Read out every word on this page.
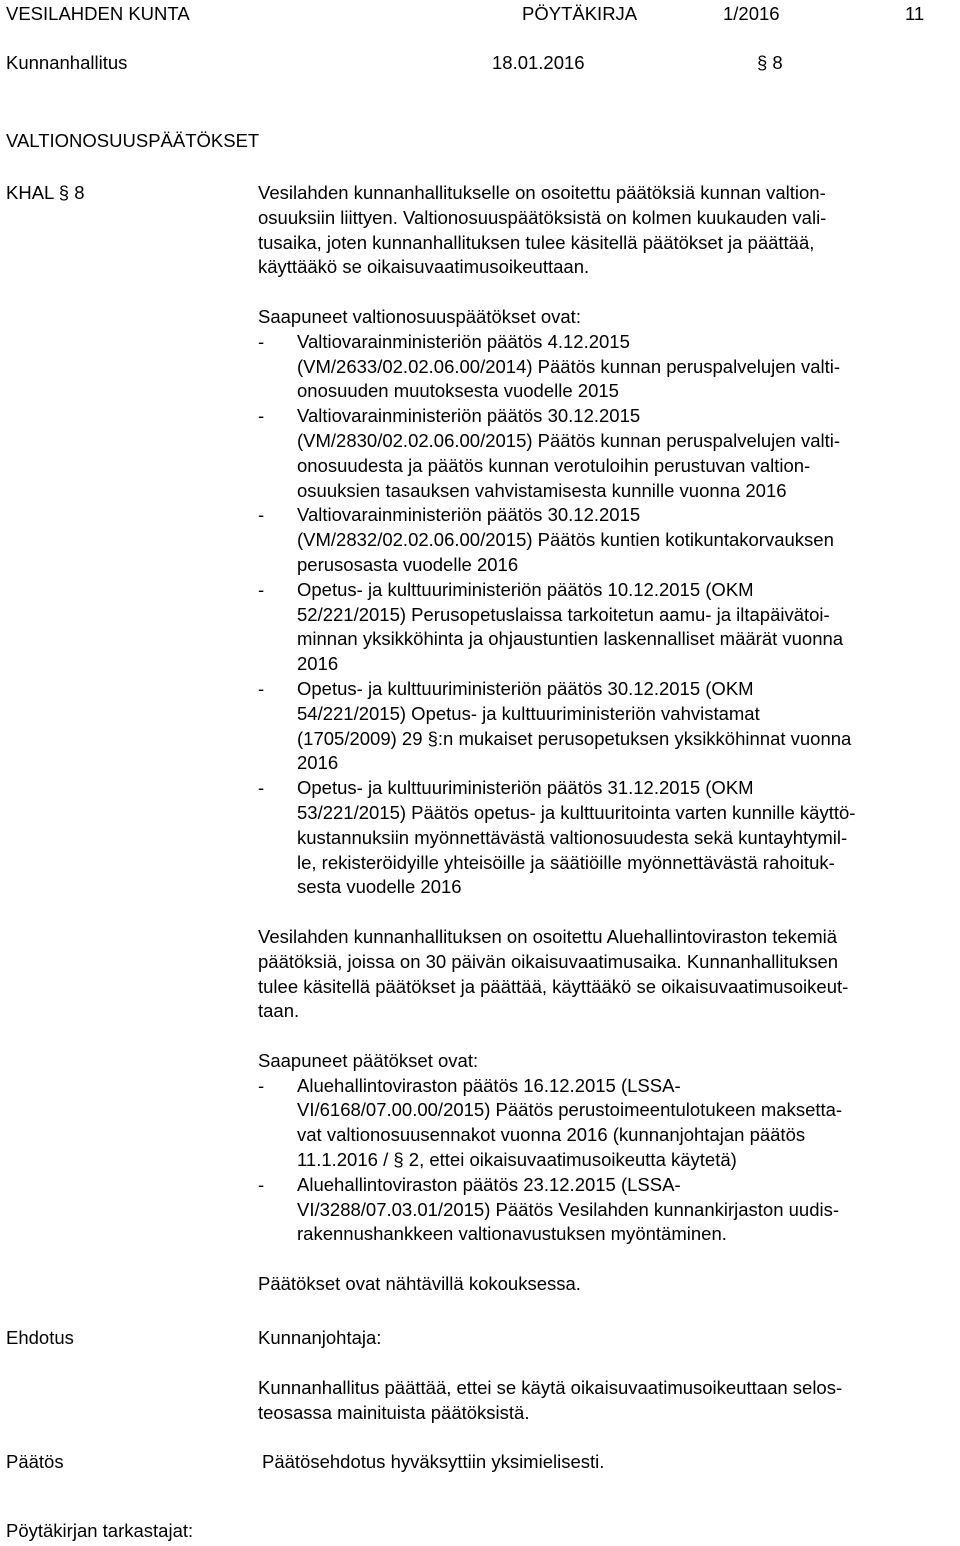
VESILAHDEN KUNTA	PÖYTÄKIRJA	1/2016	11
Kunnanhallitus	18.01.2016	§ 8
VALTIONOSUUSPÄÄTÖKSET
KHAL § 8	Vesilahden kunnanhallitukselle on osoitettu päätöksiä kunnan valtion-
osuuksiin liittyen. Valtionosuuspäätöksistä on kolmen kuukauden vali-
tusaika, joten kunnanhallituksen tulee käsitellä päätökset ja päättää,
käyttääkö se oikaisuvaatimusoikeuttaan.
Saapuneet valtionosuuspäätökset ovat:
-	Valtiovarainministeriön päätös 4.12.2015
(VM/2633/02.02.06.00/2014) Päätös kunnan peruspalvelujen valti-
onosuuden muutoksesta vuodelle 2015
-	Valtiovarainministeriön päätös 30.12.2015
(VM/2830/02.02.06.00/2015) Päätös kunnan peruspalvelujen valti-
onosuudesta ja päätös kunnan verotuloihin perustuvan valtion-
osuuksien tasauksen vahvistamisesta kunnille vuonna 2016
-	Valtiovarainministeriön päätös 30.12.2015
(VM/2832/02.02.06.00/2015) Päätös kuntien kotikuntakorvauksen
perusosasta vuodelle 2016
-	Opetus- ja kulttuuriministeriön päätös 10.12.2015 (OKM
52/221/2015) Perusopetuslaissa tarkoitetun aamu- ja iltapäivätoi-
minnan yksikköhinta ja ohjaustuntien laskennalliset määrät vuonna
2016
-	Opetus- ja kulttuuriministeriön päätös 30.12.2015 (OKM
54/221/2015) Opetus- ja kulttuuriministeriön vahvistamat
(1705/2009) 29 §:n mukaiset perusopetuksen yksikköhinnat vuonna
2016
-	Opetus- ja kulttuuriministeriön päätös 31.12.2015 (OKM
53/221/2015) Päätös opetus- ja kulttuuritointa varten kunnille käyttö-
kustannuksiin myönnettävästä valtionosuudesta sekä kuntayhtymil-
le, rekisteröidyille yhteisöille ja säätiöille myönnettävästä rahoituk-
sesta vuodelle 2016
Vesilahden kunnanhallituksen on osoitettu Aluehallintoviraston tekemiä
päätöksiä, joissa on 30 päivän oikaisuvaatimusaika. Kunnanhallituksen
tulee käsitellä päätökset ja päättää, käyttääkö se oikaisuvaatimusoikeut-
taan.
Saapuneet päätökset ovat:
-	Aluehallintoviraston päätös 16.12.2015 (LSSA-
VI/6168/07.00.00/2015) Päätös perustoimeentulotukeen maksetta-
vat valtionosuusennakot vuonna 2016 (kunnanjohtajan päätös
11.1.2016 / § 2, ettei oikaisuvaatimusoikeutta käytetä)
-	Aluehallintoviraston päätös 23.12.2015 (LSSA-
VI/3288/07.03.01/2015) Päätös Vesilahden kunnankirjaston uudis-
rakennushankkeen valtionavustuksen myöntäminen.
Päätökset ovat nähtävillä kokouksessa.
Ehdotus	Kunnanjohtaja:
Kunnanhallitus päättää, ettei se käytä oikaisuvaatimusoikeuttaan selos-
teosassa mainituista päätöksistä.
Päätös	Päätösehdotus hyväksyttiin yksimielisesti.
Pöytäkirjan tarkastajat:
